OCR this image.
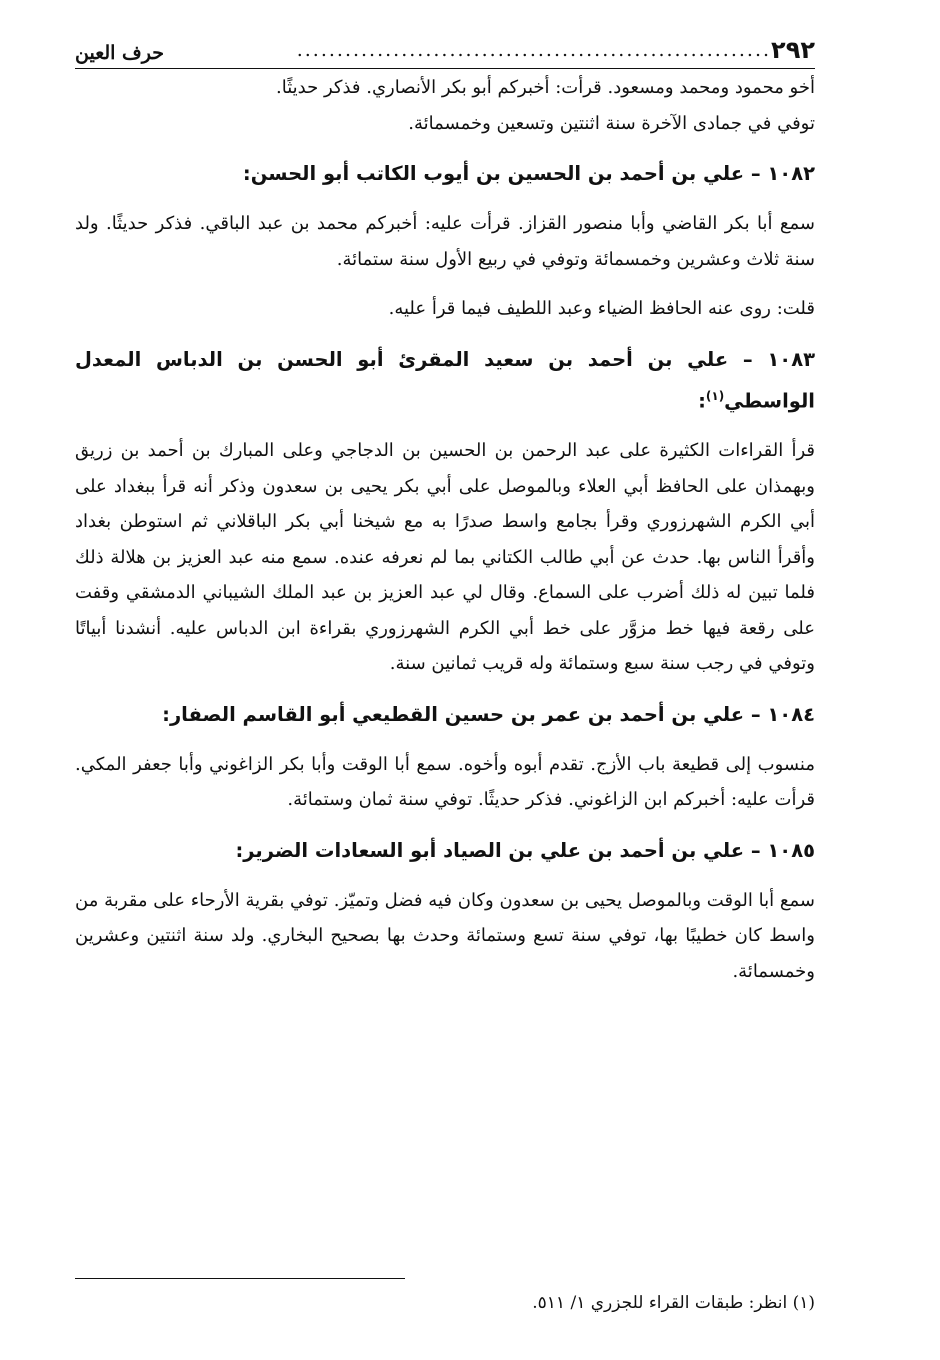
٢٩٢
...........................................................
حرف العين

أخو محمود ومحمد ومسعود. قرأت: أخبركم أبو بكر الأنصاري. فذكر حديثًا.

توفي في جمادى الآخرة سنة اثنتين وتسعين وخمسمائة.

١٠٨٢ – علي بن أحمد بن الحسين بن أيوب الكاتب أبو الحسن:

سمع أبا بكر القاضي وأبا منصور القزاز. قرأت عليه: أخبركم محمد بن عبد الباقي. فذكر حديثًا. ولد سنة ثلاث وعشرين وخمسمائة وتوفي في ربيع الأول سنة ستمائة.

قلت: روى عنه الحافظ الضياء وعبد اللطيف فيما قرأ عليه.

١٠٨٣ – علي بن أحمد بن سعيد المقرئ أبو الحسن بن الدباس المعدل الواسطي$^{(١)}$:

قرأ القراءات الكثيرة على عبد الرحمن بن الحسين بن الدجاجي وعلى المبارك بن أحمد بن زريق وبهمذان على الحافظ أبي العلاء وبالموصل على أبي بكر يحيى بن سعدون وذكر أنه قرأ ببغداد على أبي الكرم الشهرزوري وقرأ بجامع واسط صدرًا به مع شيخنا أبي بكر الباقلاني ثم استوطن بغداد وأقرأ الناس بها. حدث عن أبي طالب الكتاني بما لم نعرفه عنده. سمع منه عبد العزيز بن هلالة ذلك فلما تبين له ذلك أضرب على السماع. وقال لي عبد العزيز بن عبد الملك الشيباني الدمشقي وقفت على رقعة فيها خط مزوَّر على خط أبي الكرم الشهرزوري بقراءة ابن الدباس عليه. أنشدنا أبياتًا وتوفي في رجب سنة سبع وستمائة وله قريب ثمانين سنة.

١٠٨٤ – علي بن أحمد بن عمر بن حسين القطيعي أبو القاسم الصفار:

منسوب إلى قطيعة باب الأزج. تقدم أبوه وأخوه. سمع أبا الوقت وأبا بكر الزاغوني وأبا جعفر المكي. قرأت عليه: أخبركم ابن الزاغوني. فذكر حديثًا. توفي سنة ثمان وستمائة.

١٠٨٥ – علي بن أحمد بن علي بن الصياد أبو السعادات الضرير:

سمع أبا الوقت وبالموصل يحيى بن سعدون وكان فيه فضل وتميّز. توفي بقرية الأرحاء على مقربة من واسط كان خطيبًا بها، توفي سنة تسع وستمائة وحدث بها بصحيح البخاري. ولد سنة اثنتين وعشرين وخمسمائة.

(١) انظر: طبقات القراء للجزري ١/ ٥١١.
